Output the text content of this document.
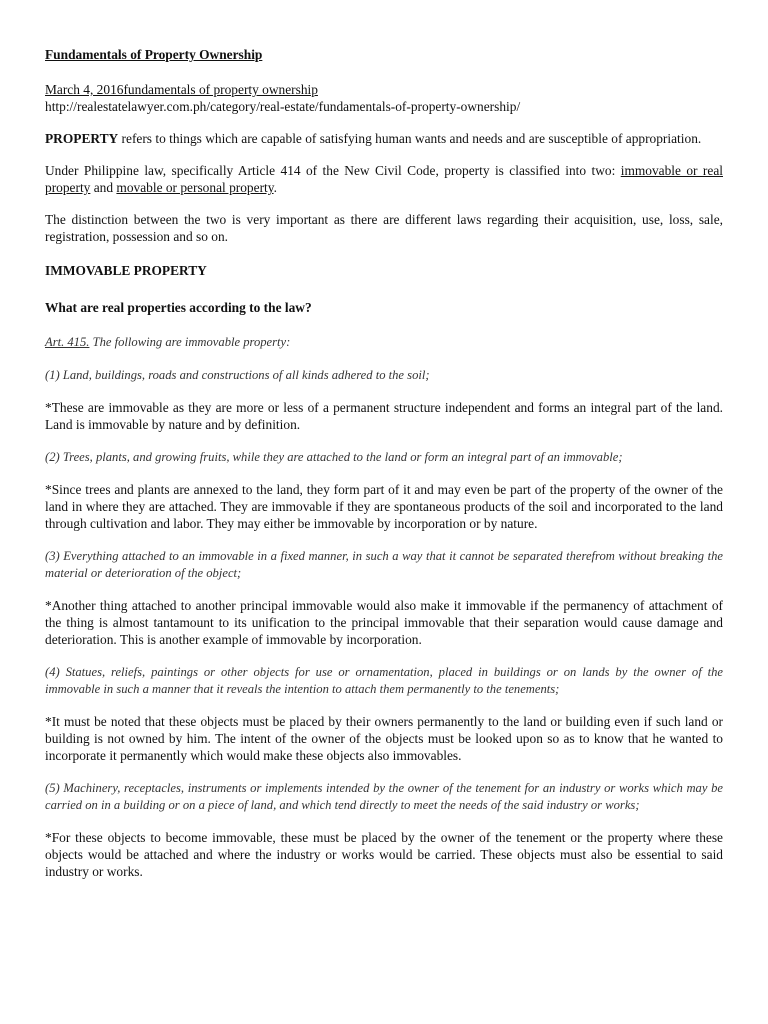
Fundamentals of Property Ownership
March 4, 2016fundamentals of property ownership
http://realestatelawyer.com.ph/category/real-estate/fundamentals-of-property-ownership/

PROPERTY refers to things which are capable of satisfying human wants and needs and are susceptible of appropriation.

Under Philippine law, specifically Article 414 of the New Civil Code, property is classified into two: immovable or real property and movable or personal property.

The distinction between the two is very important as there are different laws regarding their acquisition, use, loss, sale, registration, possession and so on.

IMMOVABLE PROPERTY
What are real properties according to the law?
Art. 415. The following are immovable property:
(1) Land, buildings, roads and constructions of all kinds adhered to the soil;

*These are immovable as they are more or less of a permanent structure independent and forms an integral part of the land. Land is immovable by nature and by definition.

(2) Trees, plants, and growing fruits, while they are attached to the land or form an integral part of an immovable;

*Since trees and plants are annexed to the land, they form part of it and may even be part of the property of the owner of the land in where they are attached. They are immovable if they are spontaneous products of the soil and incorporated to the land through cultivation and labor. They may either be immovable by incorporation or by nature.

(3) Everything attached to an immovable in a fixed manner, in such a way that it cannot be separated therefrom without breaking the material or deterioration of the object;

*Another thing attached to another principal immovable would also make it immovable if the permanency of attachment of the thing is almost tantamount to its unification to the principal immovable that their separation would cause damage and deterioration. This is another example of immovable by incorporation.

(4) Statues, reliefs, paintings or other objects for use or ornamentation, placed in buildings or on lands by the owner of the immovable in such a manner that it reveals the intention to attach them permanently to the tenements;

*It must be noted that these objects must be placed by their owners permanently to the land or building even if such land or building is not owned by him. The intent of the owner of the objects must be looked upon so as to know that he wanted to incorporate it permanently which would make these objects also immovables.

(5) Machinery, receptacles, instruments or implements intended by the owner of the tenement for an industry or works which may be carried on in a building or on a piece of land, and which tend directly to meet the needs of the said industry or works;

*For these objects to become immovable, these must be placed by the owner of the tenement or the property where these objects would be attached and where the industry or works would be carried. These objects must also be essential to said industry or works.
